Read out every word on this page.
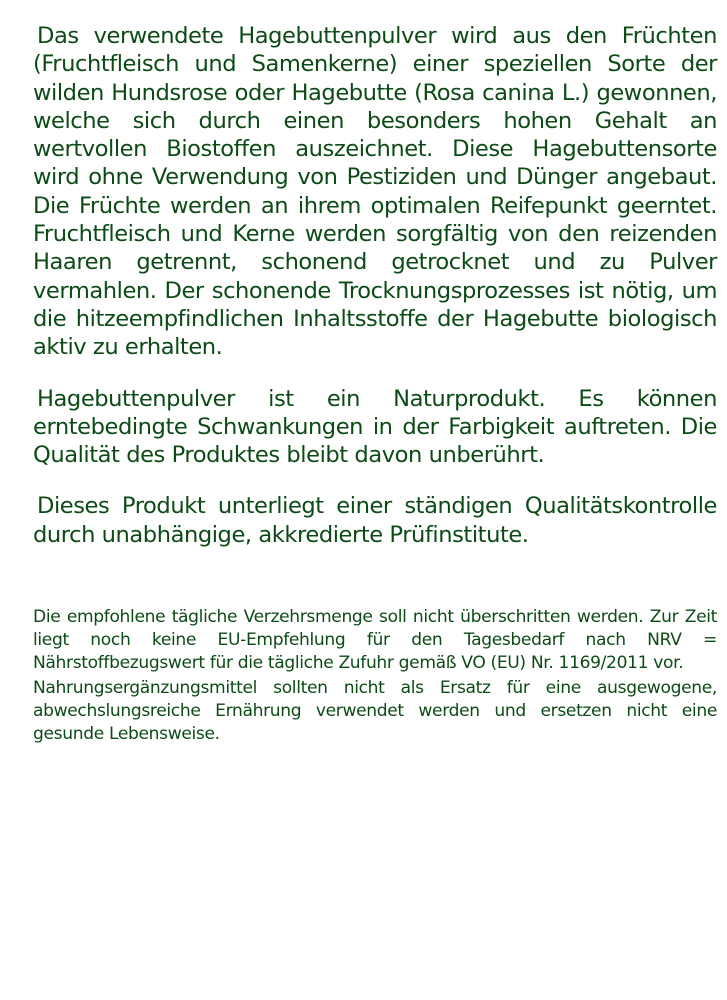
Das verwendete Hagebuttenpulver wird aus den Früchten (Fruchtfleisch und Samenkerne) einer speziellen Sorte der wilden Hundsrose oder Hagebutte (Rosa canina L.) gewonnen, welche sich durch einen besonders hohen Gehalt an wertvollen Biostoffen auszeichnet. Diese Hagebuttensorte wird ohne Verwendung von Pestiziden und Dünger angebaut. Die Früchte werden an ihrem optimalen Reifepunkt geerntet. Fruchtfleisch und Kerne werden sorgfältig von den reizenden Haaren getrennt, schonend getrocknet und zu Pulver vermahlen. Der schonende Trocknungsprozesses ist nötig, um die hitzeempfindlichen Inhaltsstoffe der Hagebutte biologisch aktiv zu erhalten.

Hagebuttenpulver ist ein Naturprodukt. Es können erntebedingte Schwankungen in der Farbigkeit auftreten. Die Qualität des Produktes bleibt davon unberührt.

Dieses Produkt unterliegt einer ständigen Qualitätskontrolle durch unabhängige, akkredierte Prüfinstitute.

Die empfohlene tägliche Verzehrsmenge soll nicht überschritten werden. Zur Zeit liegt noch keine EU-Empfehlung für den Tagesbedarf nach NRV = Nährstoffbezugswert für die tägliche Zufuhr gemäß VO (EU) Nr. 1169/2011 vor.

Nahrungsergänzungsmittel sollten nicht als Ersatz für eine ausgewogene, abwechslungsreiche Ernährung verwendet werden und ersetzen nicht eine gesunde Lebensweise.
